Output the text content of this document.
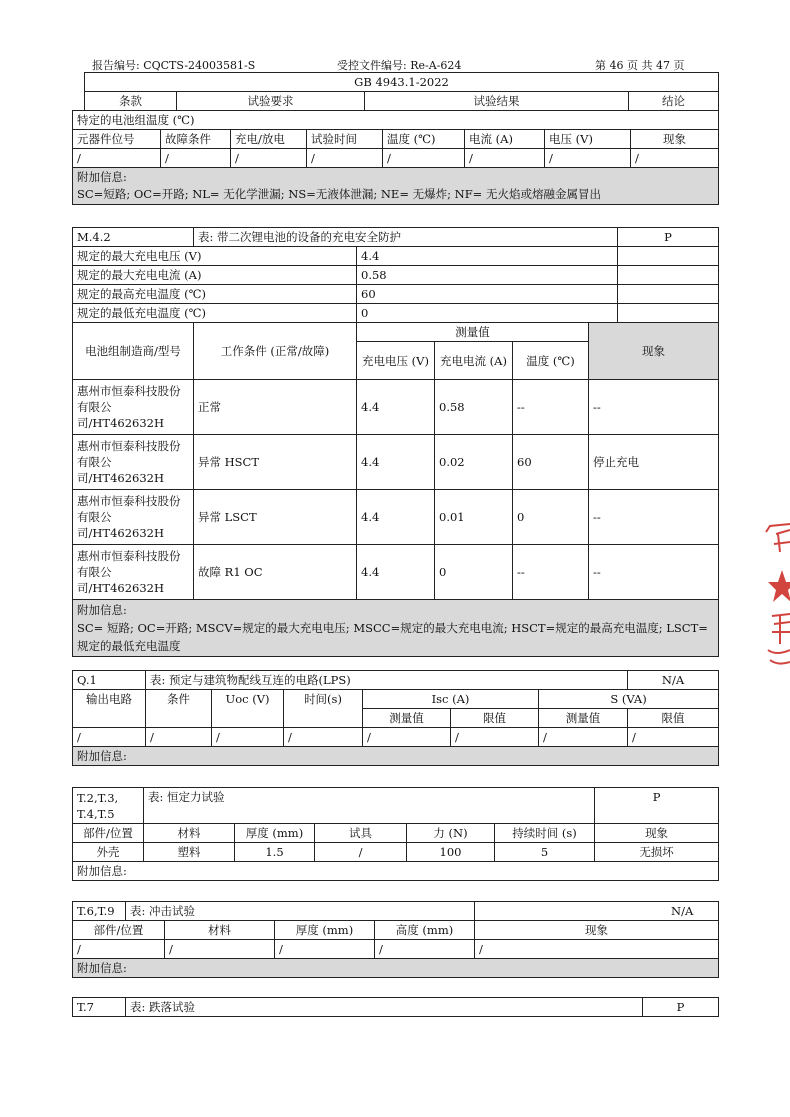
报告编号: CQCTS-24003581-S	受控文件编号: Re-A-624	第 46 页 共 47 页
GB 4943.1-2022
条款	试验要求	试验结果	结论
特定的电池组温度 (℃)							
元器件位号	故障条件	充电/放电	试验时间	温度 (℃)	电流 (A)	电压 (V)	现象
/	/	/	/	/	/	/	/

附加信息:
SC=短路; OC=开路; NL= 无化学泄漏; NS=无液体泄漏; NE= 无爆炸; NF= 无火焰或熔融金属冒出							
M.4.2	表: 带二次锂电池的设备的充电安全防护					P
规定的最大充电电压 (V)		4.4				
规定的最大充电电流 (A)		0.58				
规定的最高充电温度 (℃)		60				
规定的最低充电温度 (℃)		0				
电池组制造商/型号	工作条件 (正常/故障)	测量值			现象	
		充电电压 (V)	充电电流 (A)	温度 (℃)		
惠州市恒泰科技股份有限公司/HT462632H	正常	4.4	0.58	--	--	
惠州市恒泰科技股份有限公司/HT462632H	异常 HSCT	4.4	0.02	60	停止充电	
惠州市恒泰科技股份有限公司/HT462632H	异常 LSCT	4.4	0.01	0	--	
惠州市恒泰科技股份有限公司/HT462632H	故障 R1 OC	4.4	0	--	--	

附加信息:
SC= 短路; OC=开路; MSCV=规定的最大充电电压; MSCC=规定的最大充电电流; HSCT=规定的最高充电温度; LSCT=规定的最低充电温度						
Q.1	表: 预定与建筑物配线互连的电路(LPS)						N/A
输出电路	条件	Uoc (V)	时间(s)	Isc (A)		S (VA)	
				测量值	限值	测量值	限值
/	/	/	/	/	/	/	/
附加信息:							
T.2,T.3, T.4,T.5	表: 恒定力试验					P
部件/位置	材料	厚度 (mm)	试具	力 (N)	持续时间 (s)	现象
外壳	塑料	1.5	/	100	5	无损坏
附加信息:						
T.6,T.9	表: 冲击试验				N/A
部件/位置		材料	厚度 (mm)	高度 (mm)	现象
/		/	/	/	/
附加信息:					
T.7	表: 跌落试验	P
